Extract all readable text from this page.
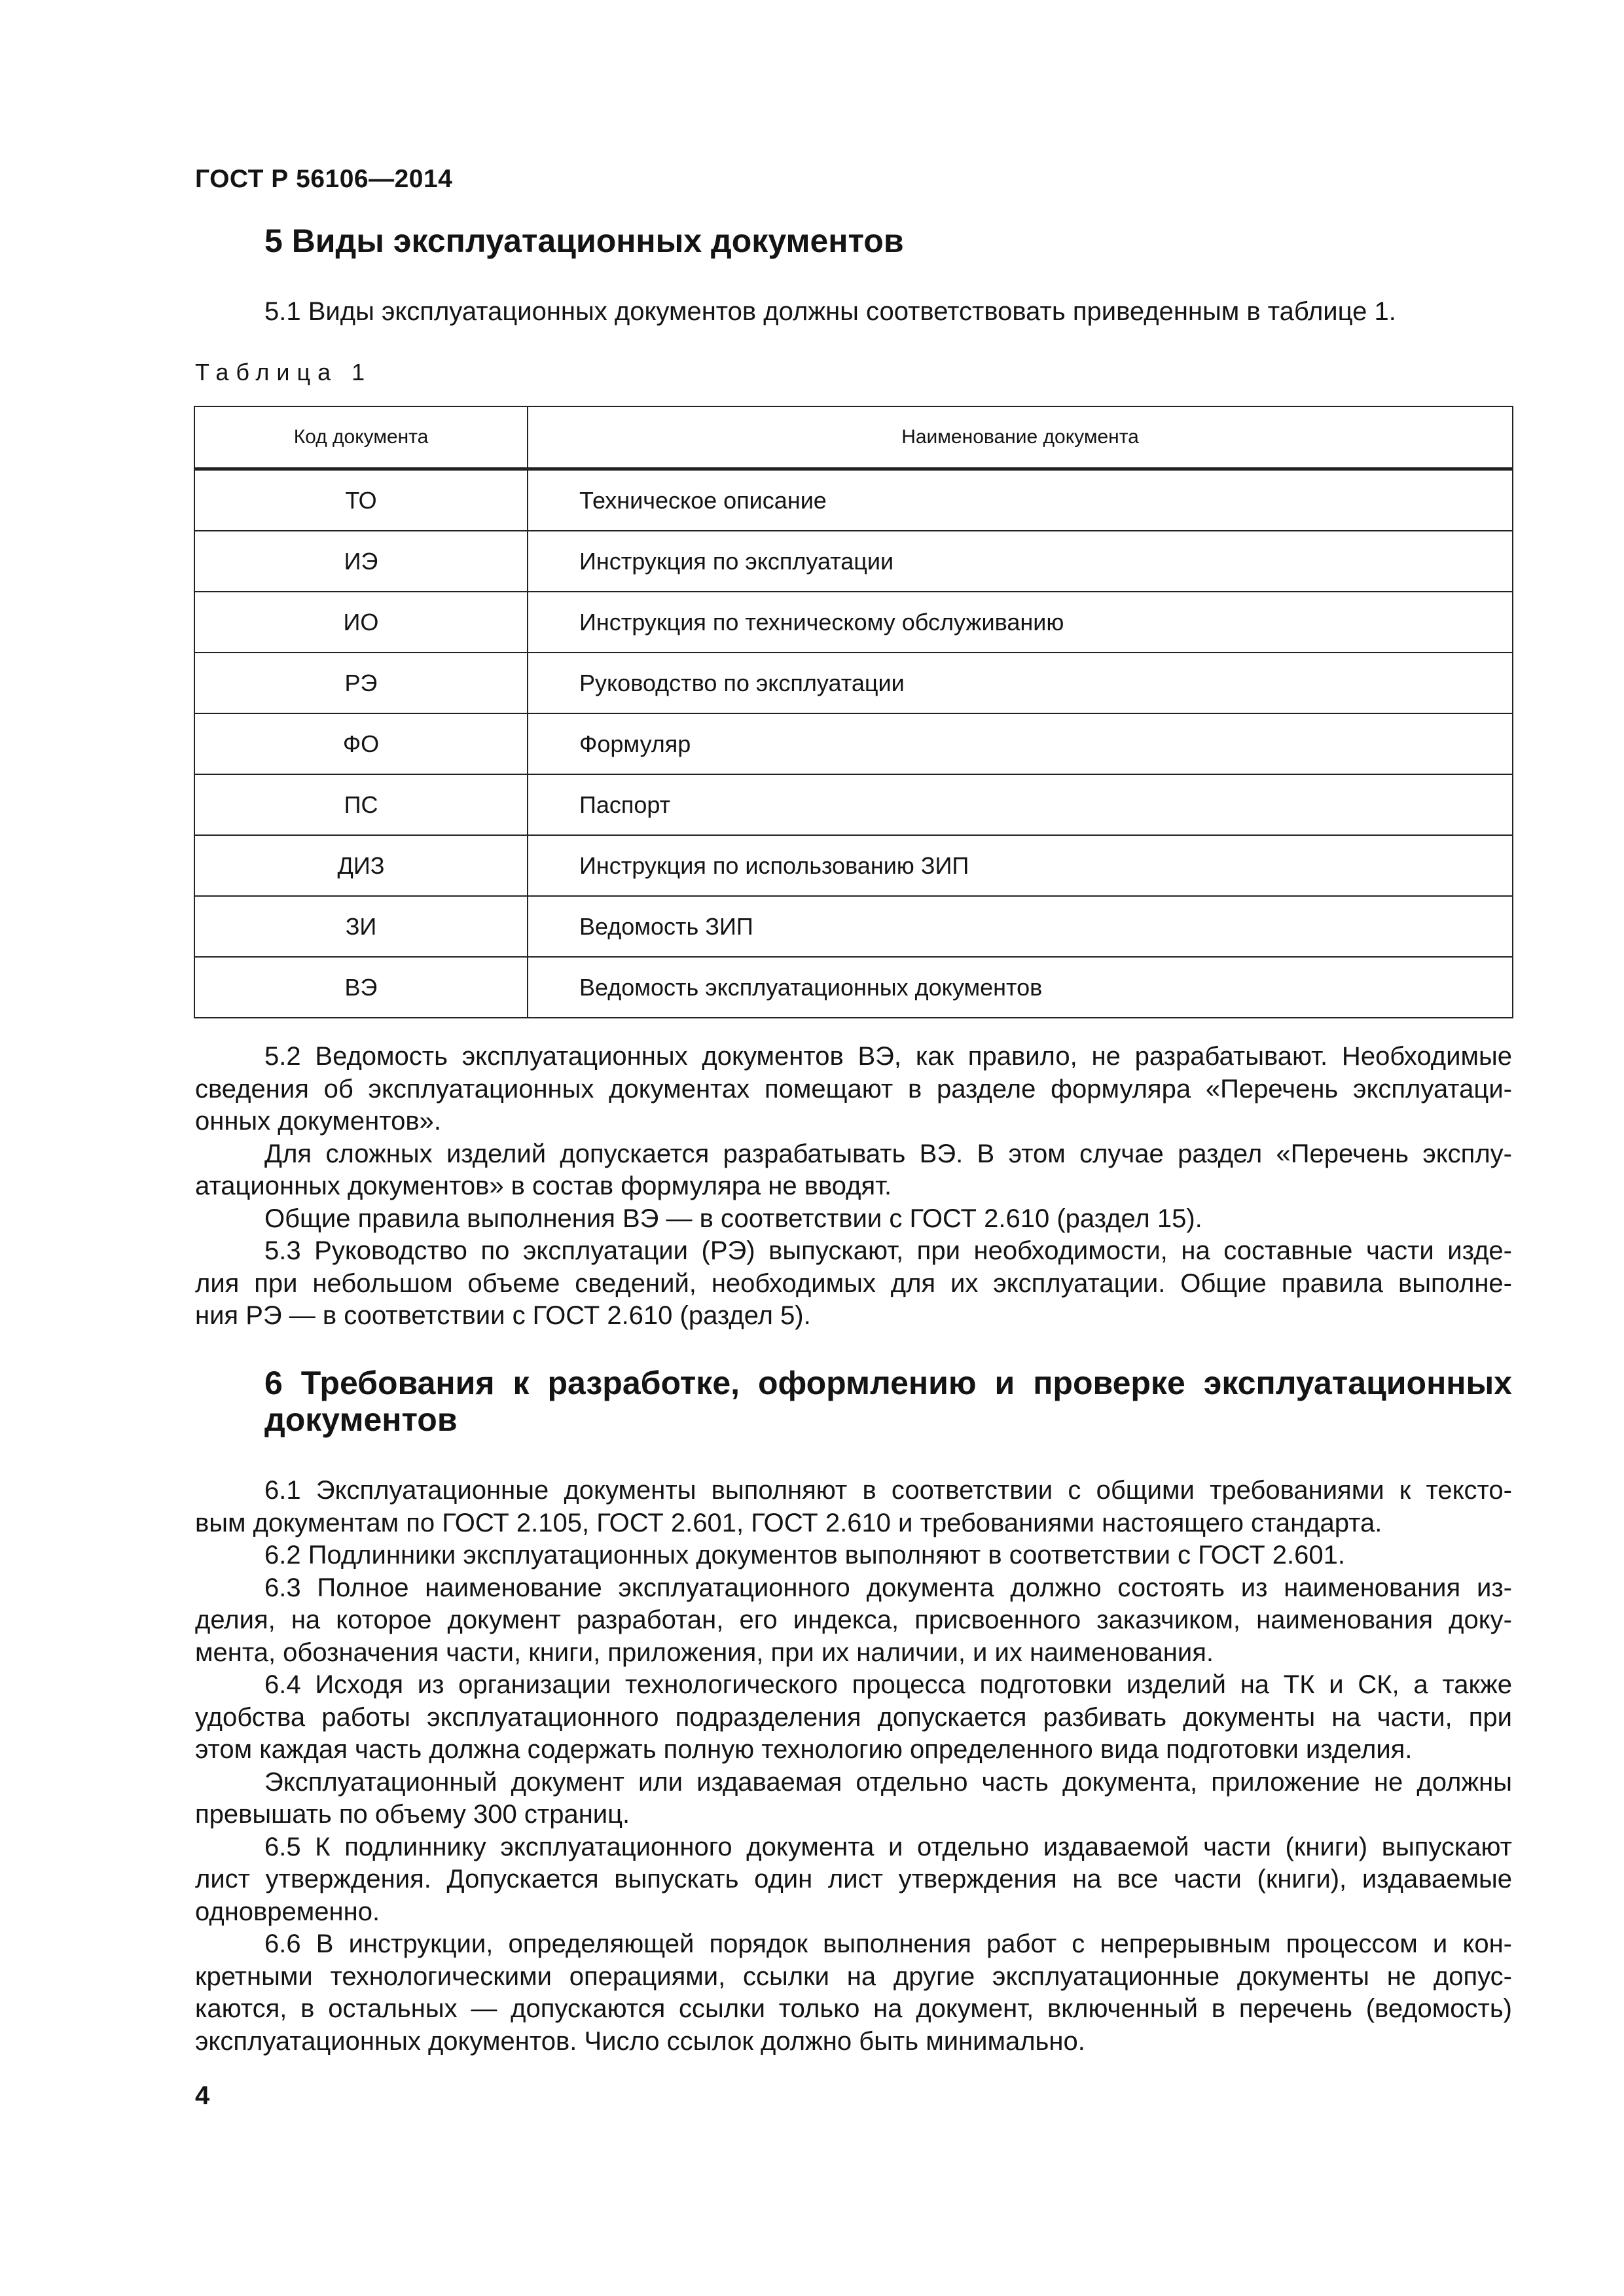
ГОСТ Р 56106—2014
5 Виды эксплуатационных документов
5.1 Виды эксплуатационных документов должны соответствовать приведенным в таблице 1.
Таблица 1
Код документа	Наименование документа
ТО	Техническое описание
ИЭ	Инструкция по эксплуатации
ИО	Инструкция по техническому обслуживанию
РЭ	Руководство по эксплуатации
ФО	Формуляр
ПС	Паспорт
ДИЗ	Инструкция по использованию ЗИП
ЗИ	Ведомость ЗИП
ВЭ	Ведомость эксплуатационных документов
5.2 Ведомость эксплуатационных документов ВЭ, как правило, не разрабатывают. Необходимые
сведения об эксплуатационных документах помещают в разделе формуляра «Перечень эксплуатаци-
онных документов».
Для сложных изделий допускается разрабатывать ВЭ. В этом случае раздел «Перечень эксплу-
атационных документов» в состав формуляра не вводят.
Общие правила выполнения ВЭ — в соответствии с ГОСТ 2.610 (раздел 15).
5.3 Руководство по эксплуатации (РЭ) выпускают, при необходимости, на составные части изде-
лия при небольшом объеме сведений, необходимых для их эксплуатации. Общие правила выполне-
ния РЭ — в соответствии с ГОСТ 2.610 (раздел 5).
6 Требования к разработке, оформлению и проверке эксплуатационных
документов
6.1 Эксплуатационные документы выполняют в соответствии с общими требованиями к тексто-
вым документам по ГОСТ 2.105, ГОСТ 2.601, ГОСТ 2.610 и требованиями настоящего стандарта.
6.2 Подлинники эксплуатационных документов выполняют в соответствии с ГОСТ 2.601.
6.3 Полное наименование эксплуатационного документа должно состоять из наименования из-
делия, на которое документ разработан, его индекса, присвоенного заказчиком, наименования доку-
мента, обозначения части, книги, приложения, при их наличии, и их наименования.
6.4 Исходя из организации технологического процесса подготовки изделий на ТК и СК, а также
удобства работы эксплуатационного подразделения допускается разбивать документы на части, при
этом каждая часть должна содержать полную технологию определенного вида подготовки изделия.
Эксплуатационный документ или издаваемая отдельно часть документа, приложение не должны
превышать по объему 300 страниц.
6.5 К подлиннику эксплуатационного документа и отдельно издаваемой части (книги) выпускают
лист утверждения. Допускается выпускать один лист утверждения на все части (книги), издаваемые
одновременно.
6.6 В инструкции, определяющей порядок выполнения работ с непрерывным процессом и кон-
кретными технологическими операциями, ссылки на другие эксплуатационные документы не допус-
каются, в остальных — допускаются ссылки только на документ, включенный в перечень (ведомость)
эксплуатационных документов. Число ссылок должно быть минимально.
4
